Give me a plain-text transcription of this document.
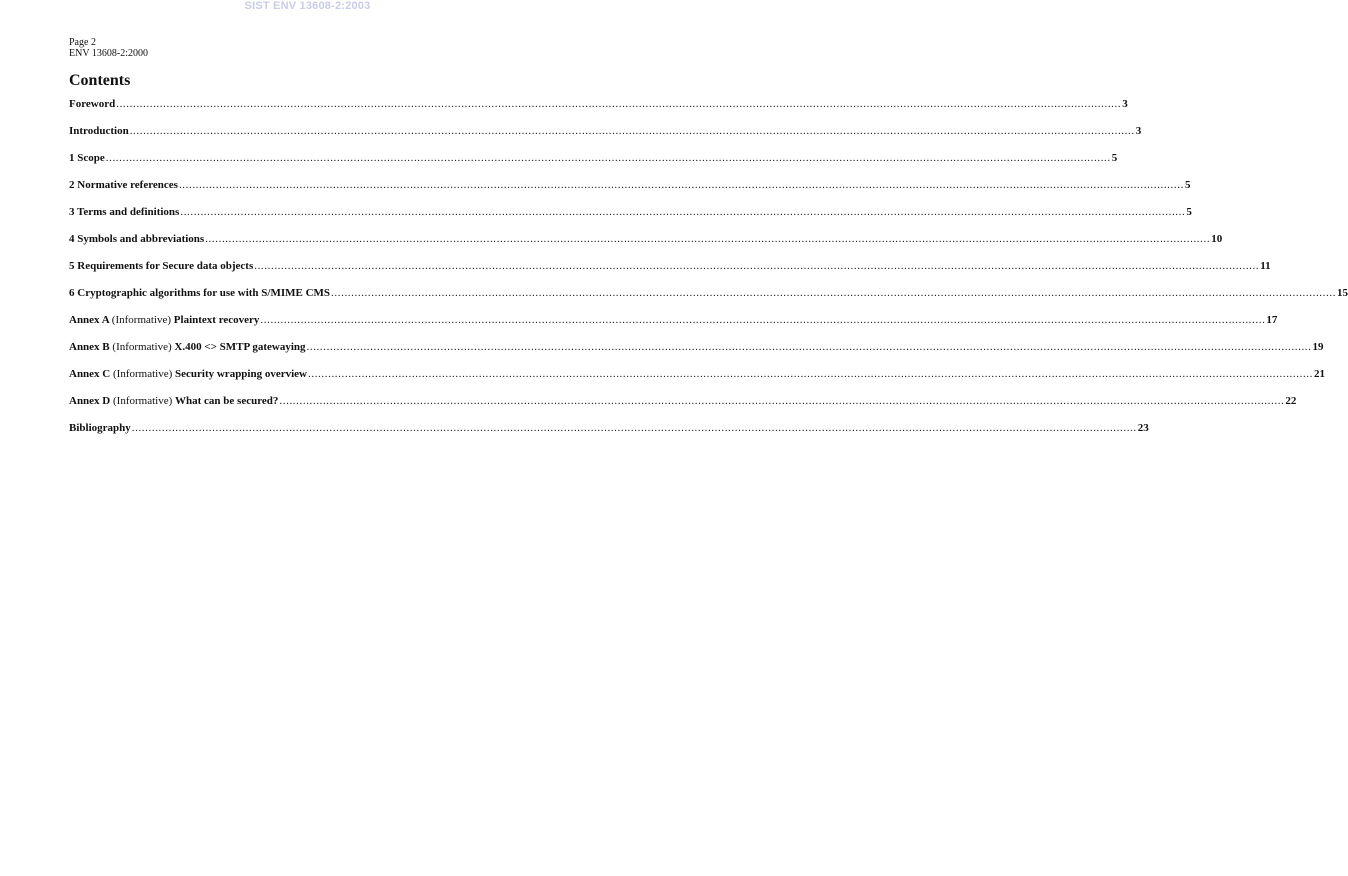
SIST ENV 13608-2:2003
Page 2
ENV 13608-2:2000
Contents
Foreword ............................................................................................................................................................................................................................................................................................................ 3
Introduction ............................................................................................................................................................................................................................................................................................................ 3
1 Scope ............................................................................................................................................................................................................................................................................................................ 5
2 Normative references ............................................................................................................................................................................................................................................................................................................ 5
3 Terms and definitions ............................................................................................................................................................................................................................................................................................................ 5
4 Symbols and abbreviations ............................................................................................................................................................................................................................................................................................................ 10
5 Requirements for Secure data objects ............................................................................................................................................................................................................................................................................................................ 11
6 Cryptographic algorithms for use with S/MIME CMS ............................................................................................................................................................................................................................................................................................................ 15
Annex A (Informative) Plaintext recovery ............................................................................................................................................................................................................................................................................................................ 17
Annex B (Informative) X.400 <> SMTP gatewaying ............................................................................................................................................................................................................................................................................................................ 19
Annex C (Informative) Security wrapping overview ............................................................................................................................................................................................................................................................................................................ 21
Annex D (Informative) What can be secured? ............................................................................................................................................................................................................................................................................................................ 22
Bibliography ............................................................................................................................................................................................................................................................................................................ 23
